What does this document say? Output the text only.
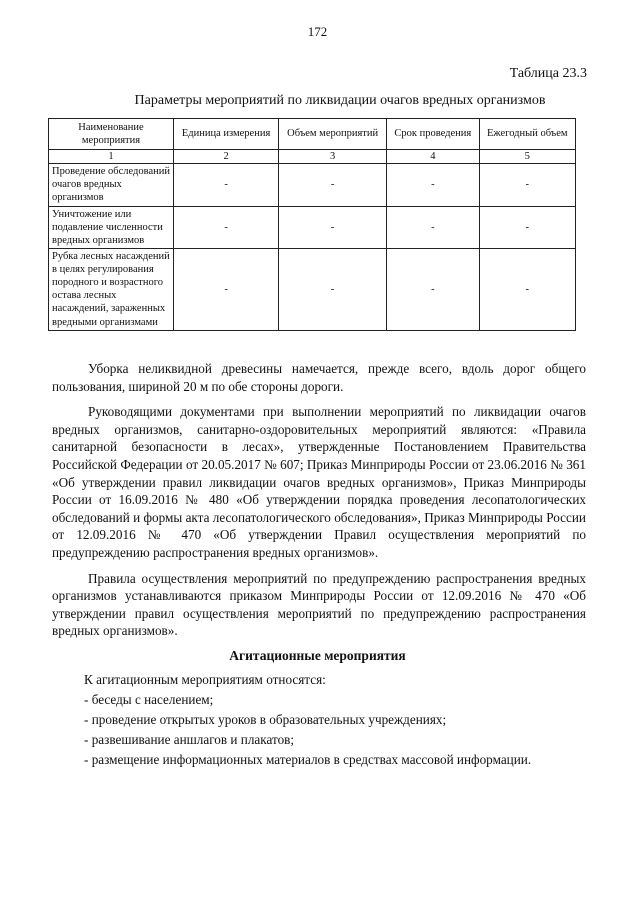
172
Таблица 23.3
Параметры мероприятий по ликвидации очагов вредных организмов
Наименование мероприятия	Единица измерения	Объем мероприятий	Срок проведения	Ежегодный объем
1	2	3	4	5
Проведение обследований очагов вредных организмов	-	-	-	-
Уничтожение или подавление численности вредных организмов	-	-	-	-
Рубка лесных насаждений в целях регулирования породного и возрастного остава лесных насаждений, зараженных вредными организмами	-	-	-	-

Уборка неликвидной древесины намечается, прежде всего, вдоль дорог общего пользования, шириной 20 м по обе стороны дороги.

Руководящими документами при выполнении мероприятий по ликвидации очагов вредных организмов, санитарно-оздоровительных мероприятий являются: «Правила санитарной безопасности в лесах», утвержденные Постановлением Правительства Российской Федерации от 20.05.2017 № 607; Приказ Минприроды России от 23.06.2016 № 361 «Об утверждении правил ликвидации очагов вредных организмов», Приказ Минприроды России от 16.09.2016 № 480 «Об утверждении порядка проведения лесопатологических обследований и формы акта лесопатологического обследования», Приказ Минприроды России от 12.09.2016 № 470 «Об утверждении Правил осуществления мероприятий по предупреждению распространения вредных организмов».

Правила осуществления мероприятий по предупреждению распространения вредных организмов устанавливаются приказом Минприроды России от 12.09.2016 № 470 «Об утверждении правил осуществления мероприятий по предупреждению распространения вредных организмов».

Агитационные мероприятия
К агитационным мероприятиям относятся:
- беседы с населением;
- проведение открытых уроков в образовательных учреждениях;
- развешивание аншлагов и плакатов;
- размещение информационных материалов в средствах массовой информации.
